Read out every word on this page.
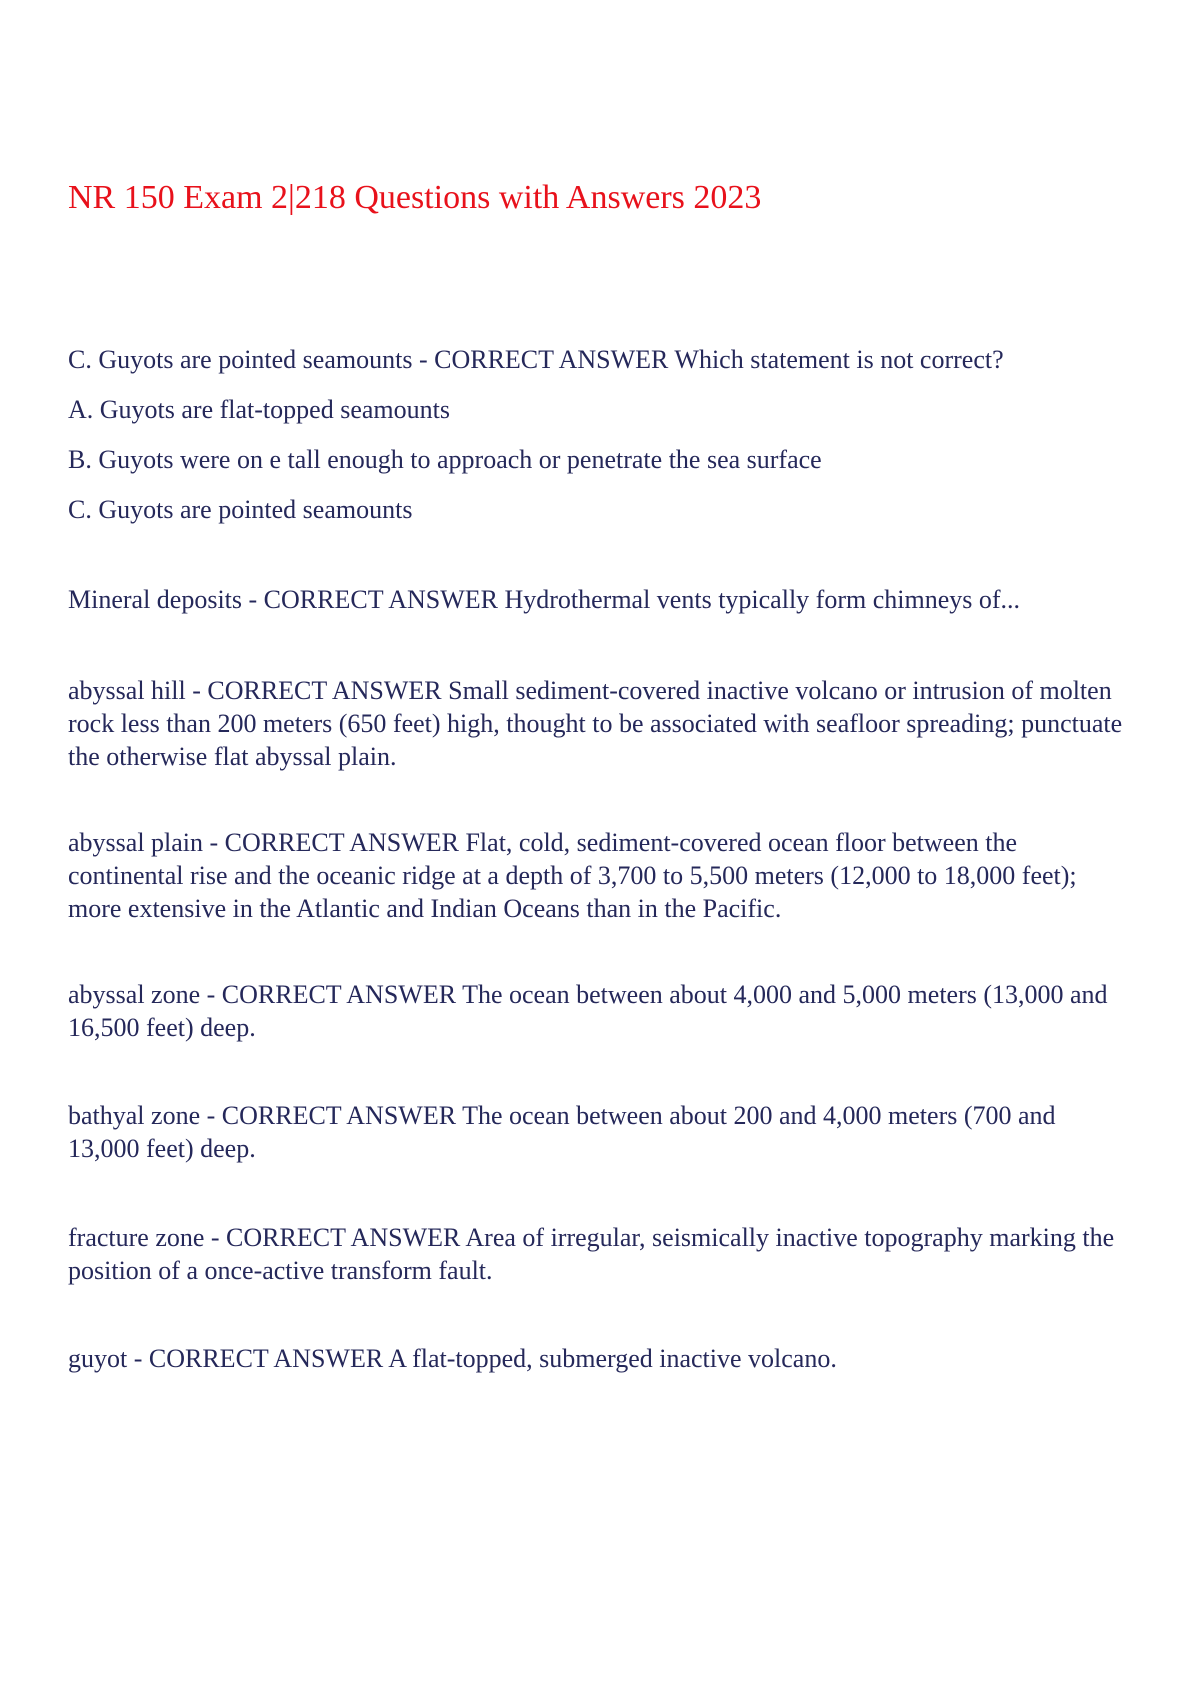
NR 150 Exam 2|218 Questions with Answers 2023

C. Guyots are pointed seamounts - CORRECT ANSWER Which statement is not correct?

A. Guyots are flat-topped seamounts

B. Guyots were on e tall enough to approach or penetrate the sea surface

C. Guyots are pointed seamounts

Mineral deposits - CORRECT ANSWER Hydrothermal vents typically form chimneys of...

abyssal hill - CORRECT ANSWER Small sediment-covered inactive volcano or intrusion of molten rock less than 200 meters (650 feet) high, thought to be associated with seafloor spreading; punctuate the otherwise flat abyssal plain.

abyssal plain - CORRECT ANSWER Flat, cold, sediment-covered ocean floor between the continental rise and the oceanic ridge at a depth of 3,700 to 5,500 meters (12,000 to 18,000 feet); more extensive in the Atlantic and Indian Oceans than in the Pacific.

abyssal zone - CORRECT ANSWER The ocean between about 4,000 and 5,000 meters (13,000 and 16,500 feet) deep.

bathyal zone - CORRECT ANSWER The ocean between about 200 and 4,000 meters (700 and 13,000 feet) deep.

fracture zone - CORRECT ANSWER Area of irregular, seismically inactive topography marking the position of a once-active transform fault.

guyot - CORRECT ANSWER A flat-topped, submerged inactive volcano.
